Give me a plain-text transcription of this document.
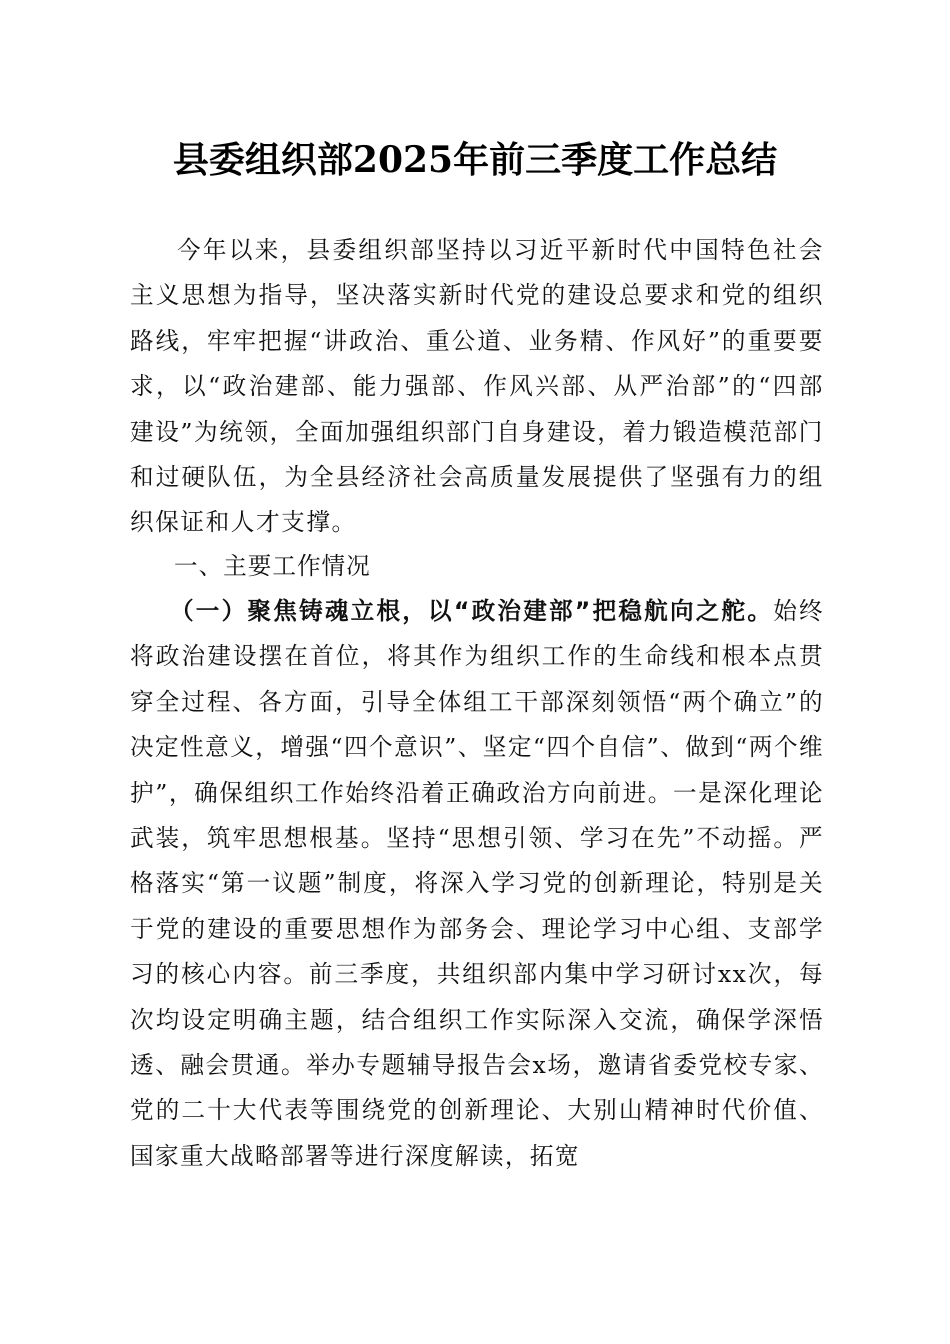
县委组织部2025年前三季度工作总结
今年以来，县委组织部坚持以习近平新时代中国特色社会主义思想为指导，坚决落实新时代党的建设总要求和党的组织路线，牢牢把握“讲政治、重公道、业务精、作风好”的重要要求，以“政治建部、能力强部、作风兴部、从严治部”的“四部建设”为统领，全面加强组织部门自身建设，着力锻造模范部门和过硬队伍，为全县经济社会高质量发展提供了坚强有力的组织保证和人才支撑。
一、主要工作情况
（一）聚焦铸魂立根，以“政治建部”把稳航向之舵。始终将政治建设摆在首位，将其作为组织工作的生命线和根本点贯穿全过程、各方面，引导全体组工干部深刻领悟“两个确立”的决定性意义，增强“四个意识”、坚定“四个自信”、做到“两个维护”，确保组织工作始终沿着正确政治方向前进。一是深化理论武装，筑牢思想根基。坚持“思想引领、学习在先”不动摇。严格落实“第一议题”制度，将深入学习党的创新理论，特别是关于党的建设的重要思想作为部务会、理论学习中心组、支部学习的核心内容。前三季度，共组织部内集中学习研讨xx次，每次均设定明确主题，结合组织工作实际深入交流，确保学深悟透、融会贯通。举办专题辅导报告会x场，邀请省委党校专家、党的二十大代表等围绕党的创新理论、大别山精神时代价值、国家重大战略部署等进行深度解读，拓宽
